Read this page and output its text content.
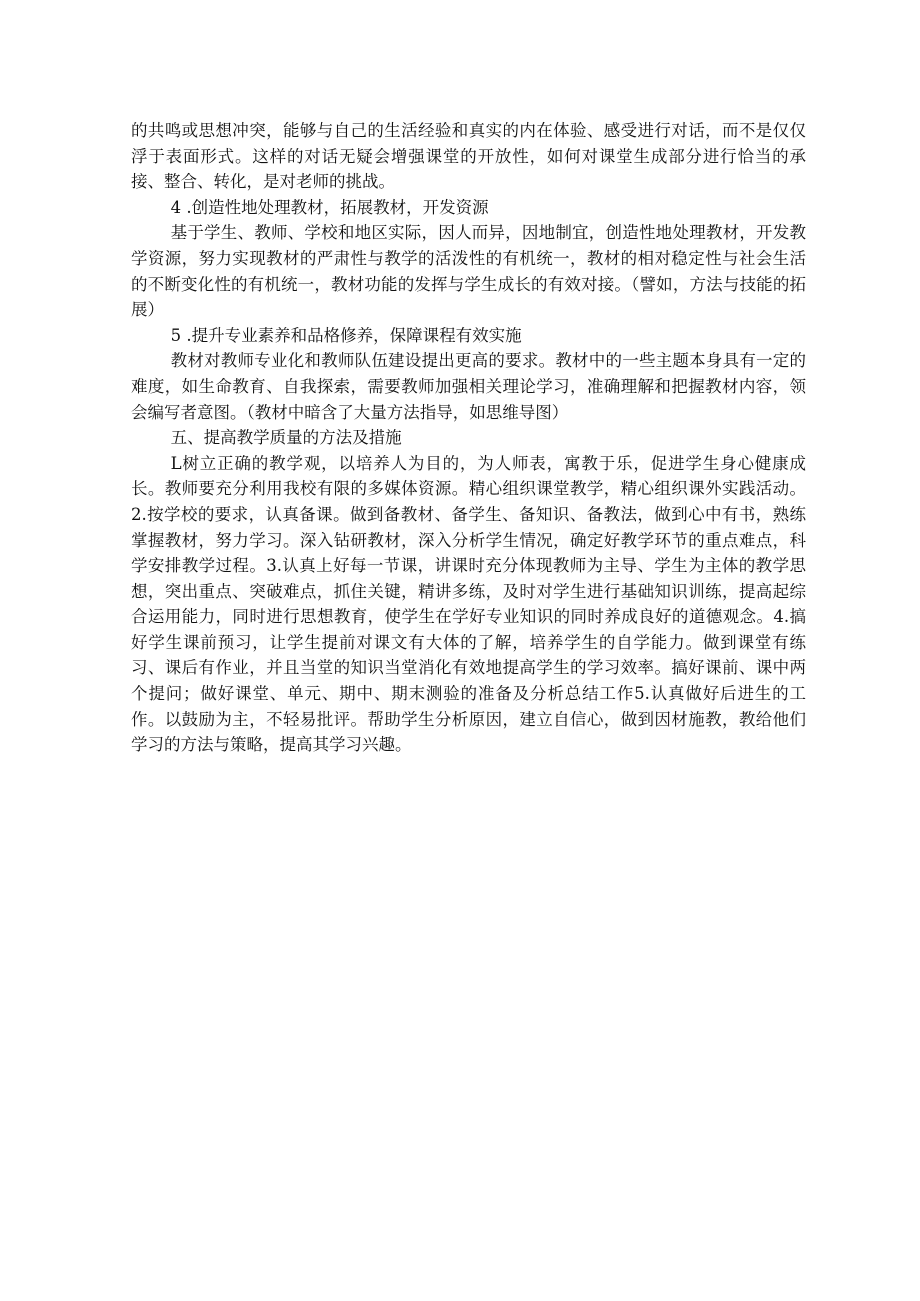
的共鸣或思想冲突，能够与自己的生活经验和真实的内在体验、感受进行对话，而不是仅仅浮于表面形式。这样的对话无疑会增强课堂的开放性，如何对课堂生成部分进行恰当的承接、整合、转化，是对老师的挑战。

4 .创造性地处理教材，拓展教材，开发资源

基于学生、教师、学校和地区实际，因人而异，因地制宜，创造性地处理教材，开发教学资源，努力实现教材的严肃性与教学的活泼性的有机统一，教材的相对稳定性与社会生活的不断变化性的有机统一，教材功能的发挥与学生成长的有效对接。（譬如，方法与技能的拓展）

5 .提升专业素养和品格修养，保障课程有效实施

教材对教师专业化和教师队伍建设提出更高的要求。教材中的一些主题本身具有一定的难度，如生命教育、自我探索，需要教师加强相关理论学习，准确理解和把握教材内容，领会编写者意图。（教材中暗含了大量方法指导，如思维导图）

五、提高教学质量的方法及措施

L树立正确的教学观，以培养人为目的，为人师表，寓教于乐，促进学生身心健康成长。教师要充分利用我校有限的多媒体资源。精心组织课堂教学，精心组织课外实践活动。2.按学校的要求，认真备课。做到备教材、备学生、备知识、备教法，做到心中有书，熟练掌握教材，努力学习。深入钻研教材，深入分析学生情况，确定好教学环节的重点难点，科学安排教学过程。3.认真上好每一节课，讲课时充分体现教师为主导、学生为主体的教学思想，突出重点、突破难点，抓住关键，精讲多练，及时对学生进行基础知识训练，提高起综合运用能力，同时进行思想教育，使学生在学好专业知识的同时养成良好的道德观念。4.搞好学生课前预习，让学生提前对课文有大体的了解，培养学生的自学能力。做到课堂有练习、课后有作业，并且当堂的知识当堂消化有效地提高学生的学习效率。搞好课前、课中两个提问；做好课堂、单元、期中、期末测验的准备及分析总结工作5.认真做好后进生的工作。以鼓励为主，不轻易批评。帮助学生分析原因，建立自信心，做到因材施教，教给他们学习的方法与策略，提高其学习兴趣。
